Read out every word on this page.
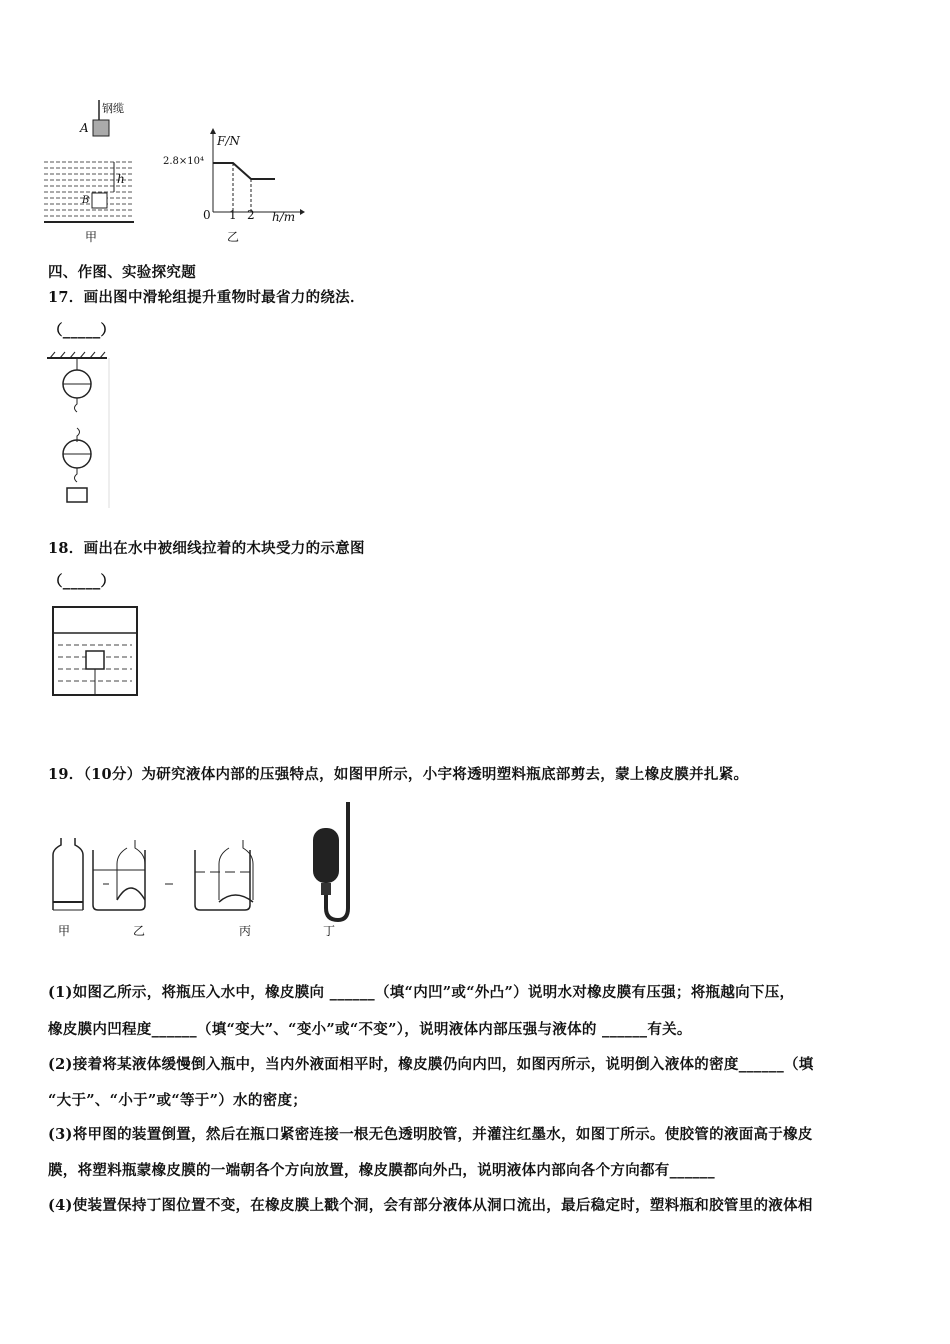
钢缆
A
B
h
甲
F/N
2.8×10⁴
0 1 2 h/m
乙
四、作图、实验探究题
17．画出图中滑轮组提升重物时最省力的绕法．
（_____）
18．画出在水中被细线拉着的木块受力的示意图
（_____）
19．（10分）为研究液体内部的压强特点，如图甲所示，小宇将透明塑料瓶底部剪去，蒙上橡皮膜并扎紧。
甲	乙	丙	丁
(1)如图乙所示，将瓶压入水中，橡皮膜向 ______（填“内凹”或“外凸”）说明水对橡皮膜有压强；将瓶越向下压，
橡皮膜内凹程度______（填“变大”、“变小”或“不变”），说明液体内部压强与液体的 ______有关。
(2)接着将某液体缓慢倒入瓶中，当内外液面相平时，橡皮膜仍向内凹，如图丙所示，说明倒入液体的密度______（填
“大于”、“小于”或“等于”）水的密度；
(3)将甲图的装置倒置，然后在瓶口紧密连接一根无色透明胶管，并灌注红墨水，如图丁所示。使胶管的液面高于橡皮
膜，将塑料瓶蒙橡皮膜的一端朝各个方向放置，橡皮膜都向外凸，说明液体内部向各个方向都有______
(4)使装置保持丁图位置不变，在橡皮膜上戳个洞，会有部分液体从洞口流出，最后稳定时，塑料瓶和胶管里的液体相
